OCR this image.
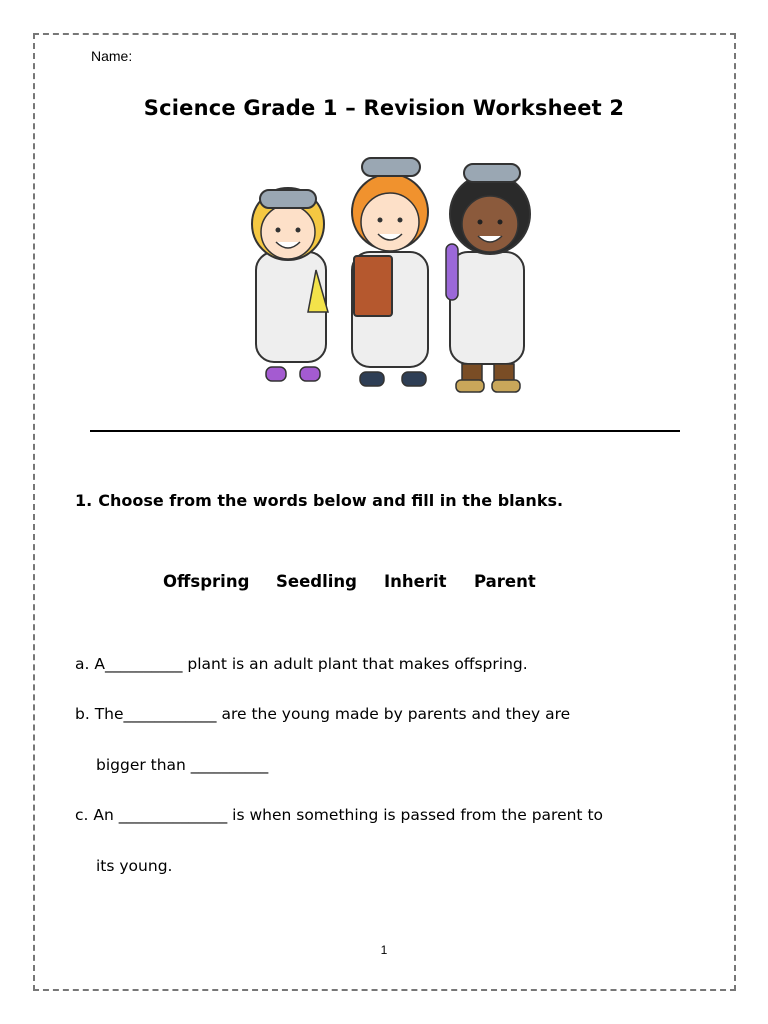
Name:
Science Grade 1 – Revision Worksheet 2
1. Choose from the words below and fill in the blanks.
Offspring Seedling Inherit Parent
a. A__________ plant is an adult plant that makes offspring.
b. The____________ are the young made by parents and they are
bigger than __________
c. An ______________ is when something is passed from the parent to
its young.
1
